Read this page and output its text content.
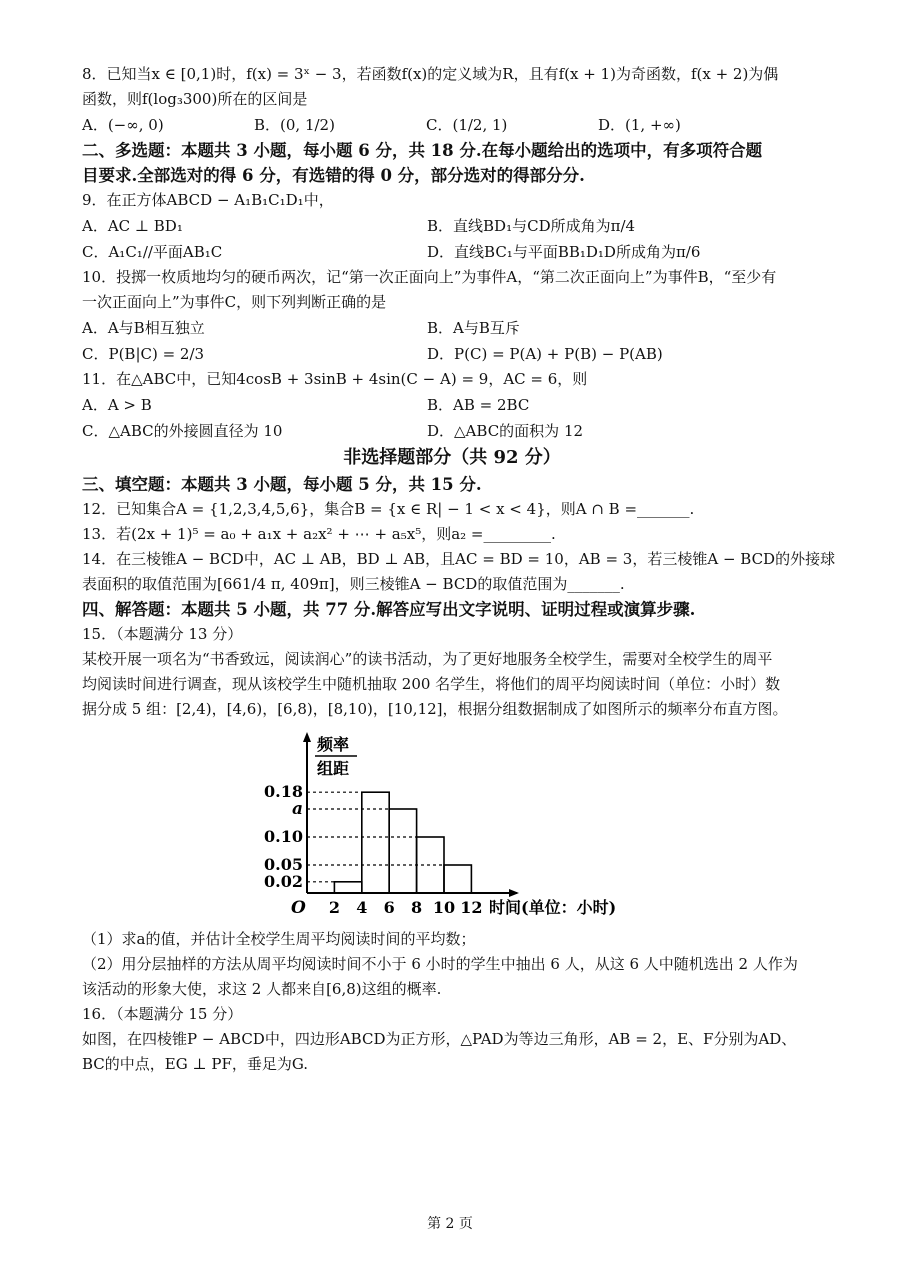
8．已知当x ∈ [0,1)时，f(x) = 3ˣ − 3，若函数f(x)的定义域为R，且有f(x + 1)为奇函数，f(x + 2)为偶
函数，则f(log₃300)所在的区间是
A．(−∞, 0)	B．(0, 1/2)	C．(1/2, 1)	D．(1, +∞)
二、多选题：本题共 3 小题，每小题 6 分，共 18 分.在每小题给出的选项中，有多项符合题
目要求.全部选对的得 6 分，有选错的得 0 分，部分选对的得部分分.
9．在正方体ABCD − A₁B₁C₁D₁中，
A．AC ⊥ BD₁	B．直线BD₁与CD所成角为π/4
C．A₁C₁//平面AB₁C	D．直线BC₁与平面BB₁D₁D所成角为π/6
10．投掷一枚质地均匀的硬币两次，记“第一次正面向上”为事件A，“第二次正面向上”为事件B，“至少有
一次正面向上”为事件C，则下列判断正确的是
A．A与B相互独立	B．A与B互斥
C．P(B|C) = 2/3	D．P(C) = P(A) + P(B) − P(AB)
11．在△ABC中，已知4cosB + 3sinB + 4sin(C − A) = 9，AC = 6，则
A．A > B	B．AB = 2BC
C．△ABC的外接圆直径为 10	D．△ABC的面积为 12
非选择题部分（共 92 分）
三、填空题：本题共 3 小题，每小题 5 分，共 15 分.
12．已知集合A = {1,2,3,4,5,6}，集合B = {x ∈ R| − 1 < x < 4}，则A ∩ B =_______.
13．若(2x + 1)⁵ = a₀ + a₁x + a₂x² + ⋯ + a₅x⁵，则a₂ =_________.
14．在三棱锥A − BCD中，AC ⊥ AB，BD ⊥ AB，且AC = BD = 10，AB = 3，若三棱锥A − BCD的外接球
表面积的取值范围为[661/4 π, 409π]，则三棱锥A − BCD的取值范围为_______.
四、解答题：本题共 5 小题，共 77 分.解答应写出文字说明、证明过程或演算步骤.
15．（本题满分 13 分）
某校开展一项名为“书香致远，阅读润心”的读书活动，为了更好地服务全校学生，需要对全校学生的周平
均阅读时间进行调查，现从该校学生中随机抽取 200 名学生，将他们的周平均阅读时间（单位：小时）数
据分成 5 组：[2,4)，[4,6)，[6,8)，[8,10)，[10,12]，根据分组数据制成了如图所示的频率分布直方图。
频率
组距
0.18
a
0.10
0.05
0.02
O 2 4 6 8 10 12 时间(单位：小时)
（1）求a的值，并估计全校学生周平均阅读时间的平均数；
（2）用分层抽样的方法从周平均阅读时间不小于 6 小时的学生中抽出 6 人，从这 6 人中随机选出 2 人作为
该活动的形象大使，求这 2 人都来自[6,8)这组的概率.
16．（本题满分 15 分）
如图，在四棱锥P − ABCD中，四边形ABCD为正方形，△PAD为等边三角形，AB = 2，E、F分别为AD、
BC的中点，EG ⊥ PF，垂足为G.
第 2 页
